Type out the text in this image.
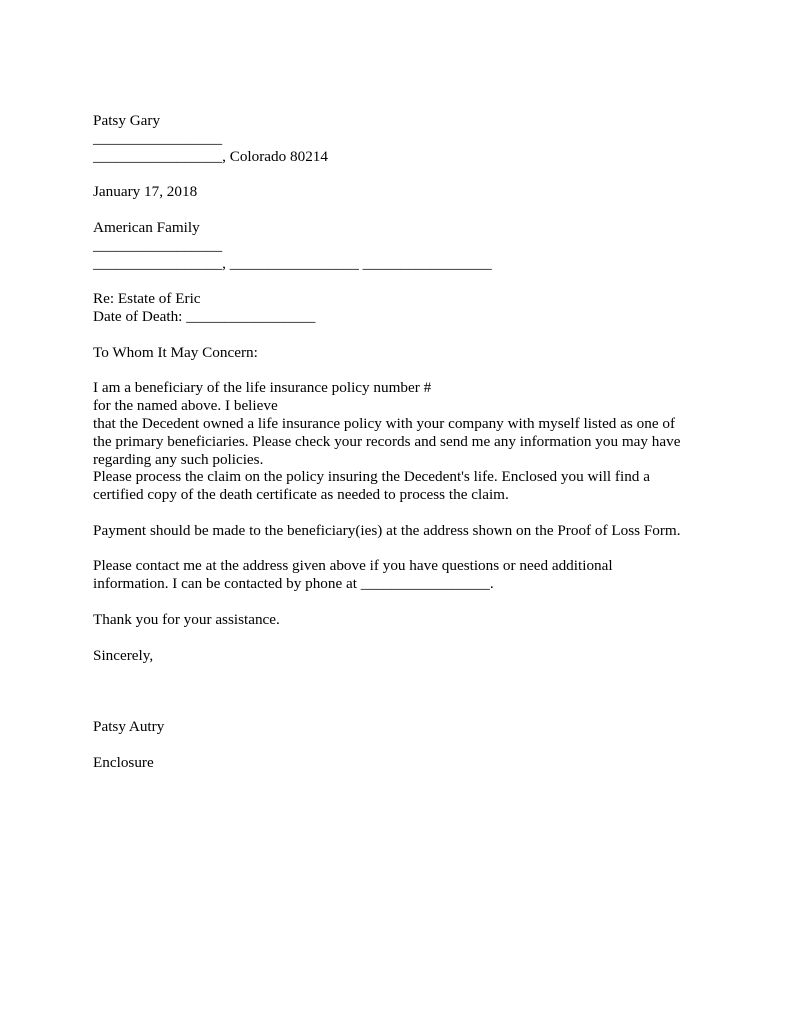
Patsy Gary

_________________

_________________, Colorado 80214

January 17, 2018

American Family

_________________

_________________, _________________ _________________

Re: Estate of Eric

Date of Death: _________________

To Whom It May Concern:

I am a beneficiary of the life insurance policy number #
for the named above. I believe
that the Decedent owned a life insurance policy with your company with myself listed as one of
the primary beneficiaries. Please check your records and send me any information you may have
regarding any such policies.
Please process the claim on the policy insuring the Decedent's life. Enclosed you will find a
certified copy of the death certificate as needed to process the claim.
Payment should be made to the beneficiary(ies) at the address shown on the Proof of Loss Form.
Please contact me at the address given above if you have questions or need additional
information. I can be contacted by phone at _________________.

Thank you for your assistance.

Sincerely,

Patsy Autry

Enclosure
